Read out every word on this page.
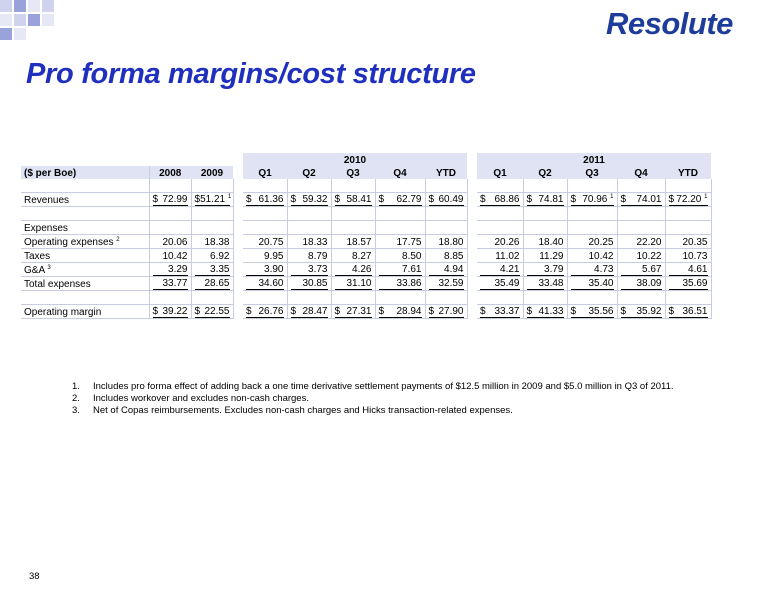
Resolute
Pro forma margins/cost structure
				2010						2011				
($ per Boe)	2008	2009		Q1	Q2	Q3	Q4	YTD		Q1	Q2	Q3	Q4	YTD

Revenues	$ 72.99	$ 51.21 $^1$		$ 61.36	$ 59.32	$ 58.41	$ 62.79	$ 60.49		$ 68.86	$ 74.81	$ 70.96 $^1$	$ 74.01	$ 72.20 $^1$

Expenses														
Operating expenses $^2$	20.06	18.38		20.75	18.33	18.57	17.75	18.80		20.26	18.40	20.25	22.20	20.35
Taxes	10.42	6.92		9.95	8.79	8.27	8.50	8.85		11.02	11.29	10.42	10.22	10.73
G&A $^3$	3.29	3.35		3.90	3.73	4.26	7.61	4.94		4.21	3.79	4.73	5.67	4.61

Total expenses	33.77	28.65		34.60	30.85	31.10	33.86	32.59		35.49	33.48	35.40	38.09	35.69

Operating margin	$ 39.22	$ 22.55		$ 26.76	$ 28.47	$ 27.31	$ 28.94	$ 27.90		$ 33.37	$ 41.33	$ 35.56	$ 35.92	$ 36.51
1. Includes pro forma effect of adding back a one time derivative settlement payments of $12.5 million in 2009 and $5.0 million in Q3 of 2011.
2. Includes workover and excludes non-cash charges.
3. Net of Copas reimbursements. Excludes non-cash charges and Hicks transaction-related expenses.
38
